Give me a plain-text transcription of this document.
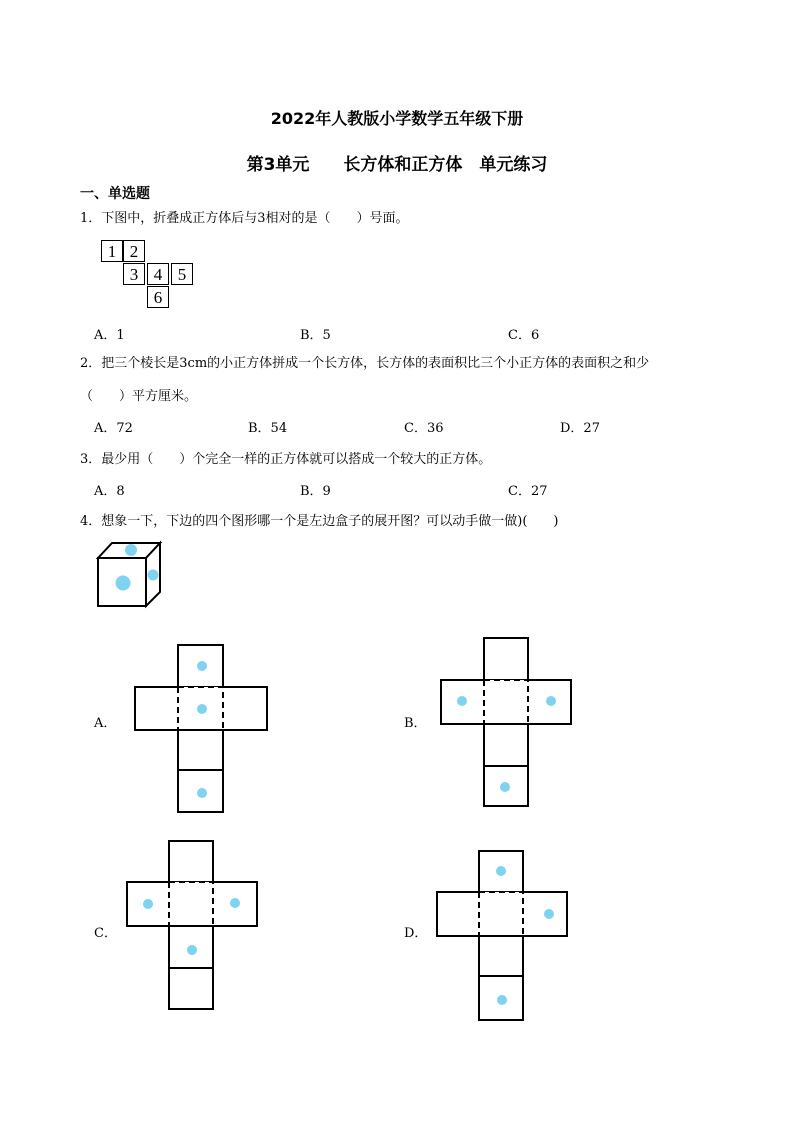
2022年人教版小学数学五年级下册
第3单元　　长方体和正方体　单元练习
一、单选题
1．下图中，折叠成正方体后与3相对的是（　　）号面。
1 2
3 4 5
6
A．1	B．5	C．6
2．把三个棱长是3cm的小正方体拼成一个长方体，长方体的表面积比三个小正方体的表面积之和少
（　　）平方厘米。
A．72	B．54	C．36	D．27
3．最少用（　　）个完全一样的正方体就可以搭成一个较大的正方体。
A．8	B．9	C．27
4．想象一下，下边的四个图形哪一个是左边盒子的展开图？可以动手做一做)(　　)
A．	B．
C．	D．
